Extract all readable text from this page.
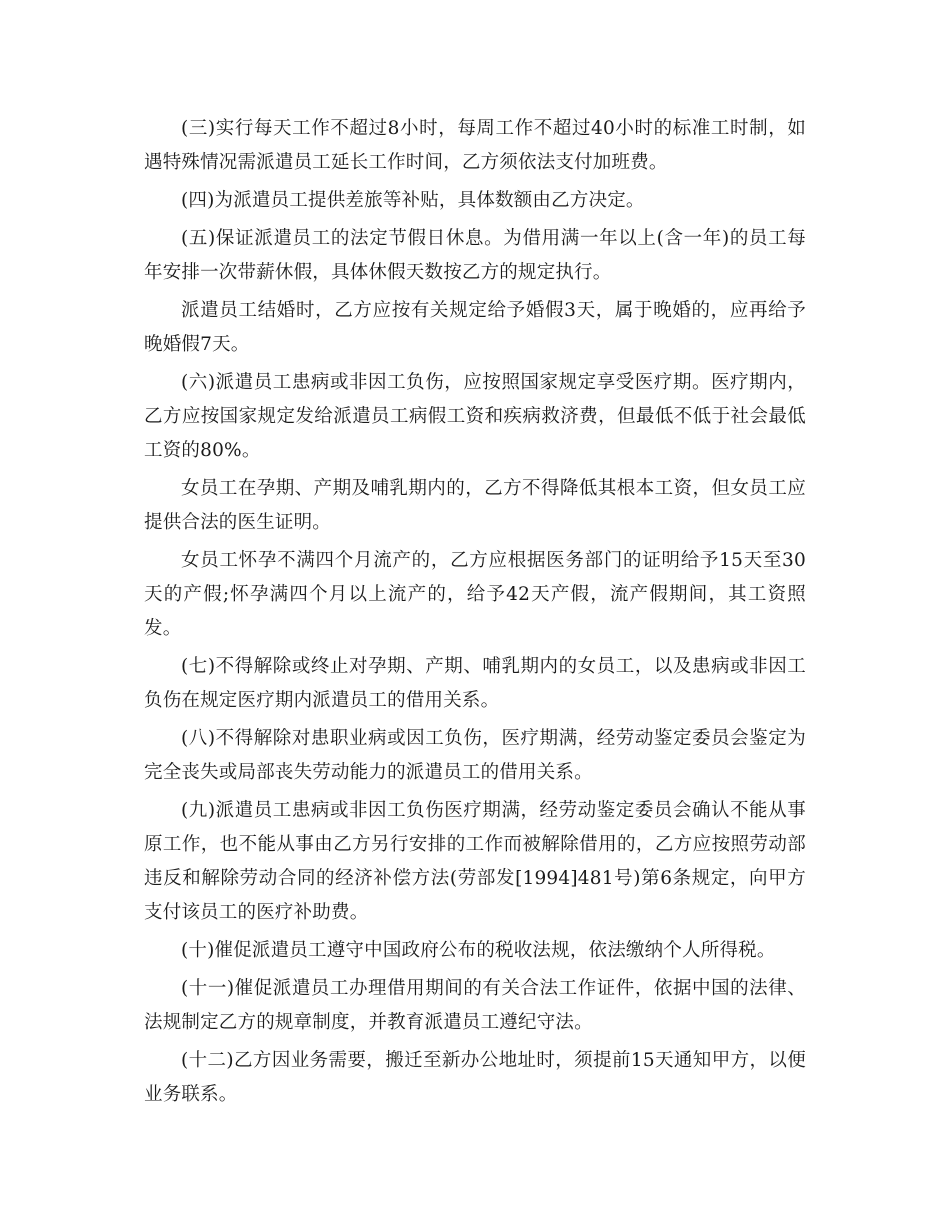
(三)实行每天工作不超过8小时，每周工作不超过40小时的标准工时制，如遇特殊情况需派遣员工延长工作时间，乙方须依法支付加班费。

(四)为派遣员工提供差旅等补贴，具体数额由乙方决定。

(五)保证派遣员工的法定节假日休息。为借用满一年以上(含一年)的员工每年安排一次带薪休假，具体休假天数按乙方的规定执行。

派遣员工结婚时，乙方应按有关规定给予婚假3天，属于晚婚的，应再给予晚婚假7天。

(六)派遣员工患病或非因工负伤，应按照国家规定享受医疗期。医疗期内，乙方应按国家规定发给派遣员工病假工资和疾病救济费，但最低不低于社会最低工资的80%。

女员工在孕期、产期及哺乳期内的，乙方不得降低其根本工资，但女员工应提供合法的医生证明。

女员工怀孕不满四个月流产的，乙方应根据医务部门的证明给予15天至30天的产假;怀孕满四个月以上流产的，给予42天产假，流产假期间，其工资照发。

(七)不得解除或终止对孕期、产期、哺乳期内的女员工，以及患病或非因工负伤在规定医疗期内派遣员工的借用关系。

(八)不得解除对患职业病或因工负伤，医疗期满，经劳动鉴定委员会鉴定为完全丧失或局部丧失劳动能力的派遣员工的借用关系。

(九)派遣员工患病或非因工负伤医疗期满，经劳动鉴定委员会确认不能从事原工作，也不能从事由乙方另行安排的工作而被解除借用的，乙方应按照劳动部违反和解除劳动合同的经济补偿方法(劳部发[1994]481号)第6条规定，向甲方支付该员工的医疗补助费。

(十)催促派遣员工遵守中国政府公布的税收法规，依法缴纳个人所得税。

(十一)催促派遣员工办理借用期间的有关合法工作证件，依据中国的法律、法规制定乙方的规章制度，并教育派遣员工遵纪守法。

(十二)乙方因业务需要，搬迁至新办公地址时，须提前15天通知甲方，以便业务联系。
